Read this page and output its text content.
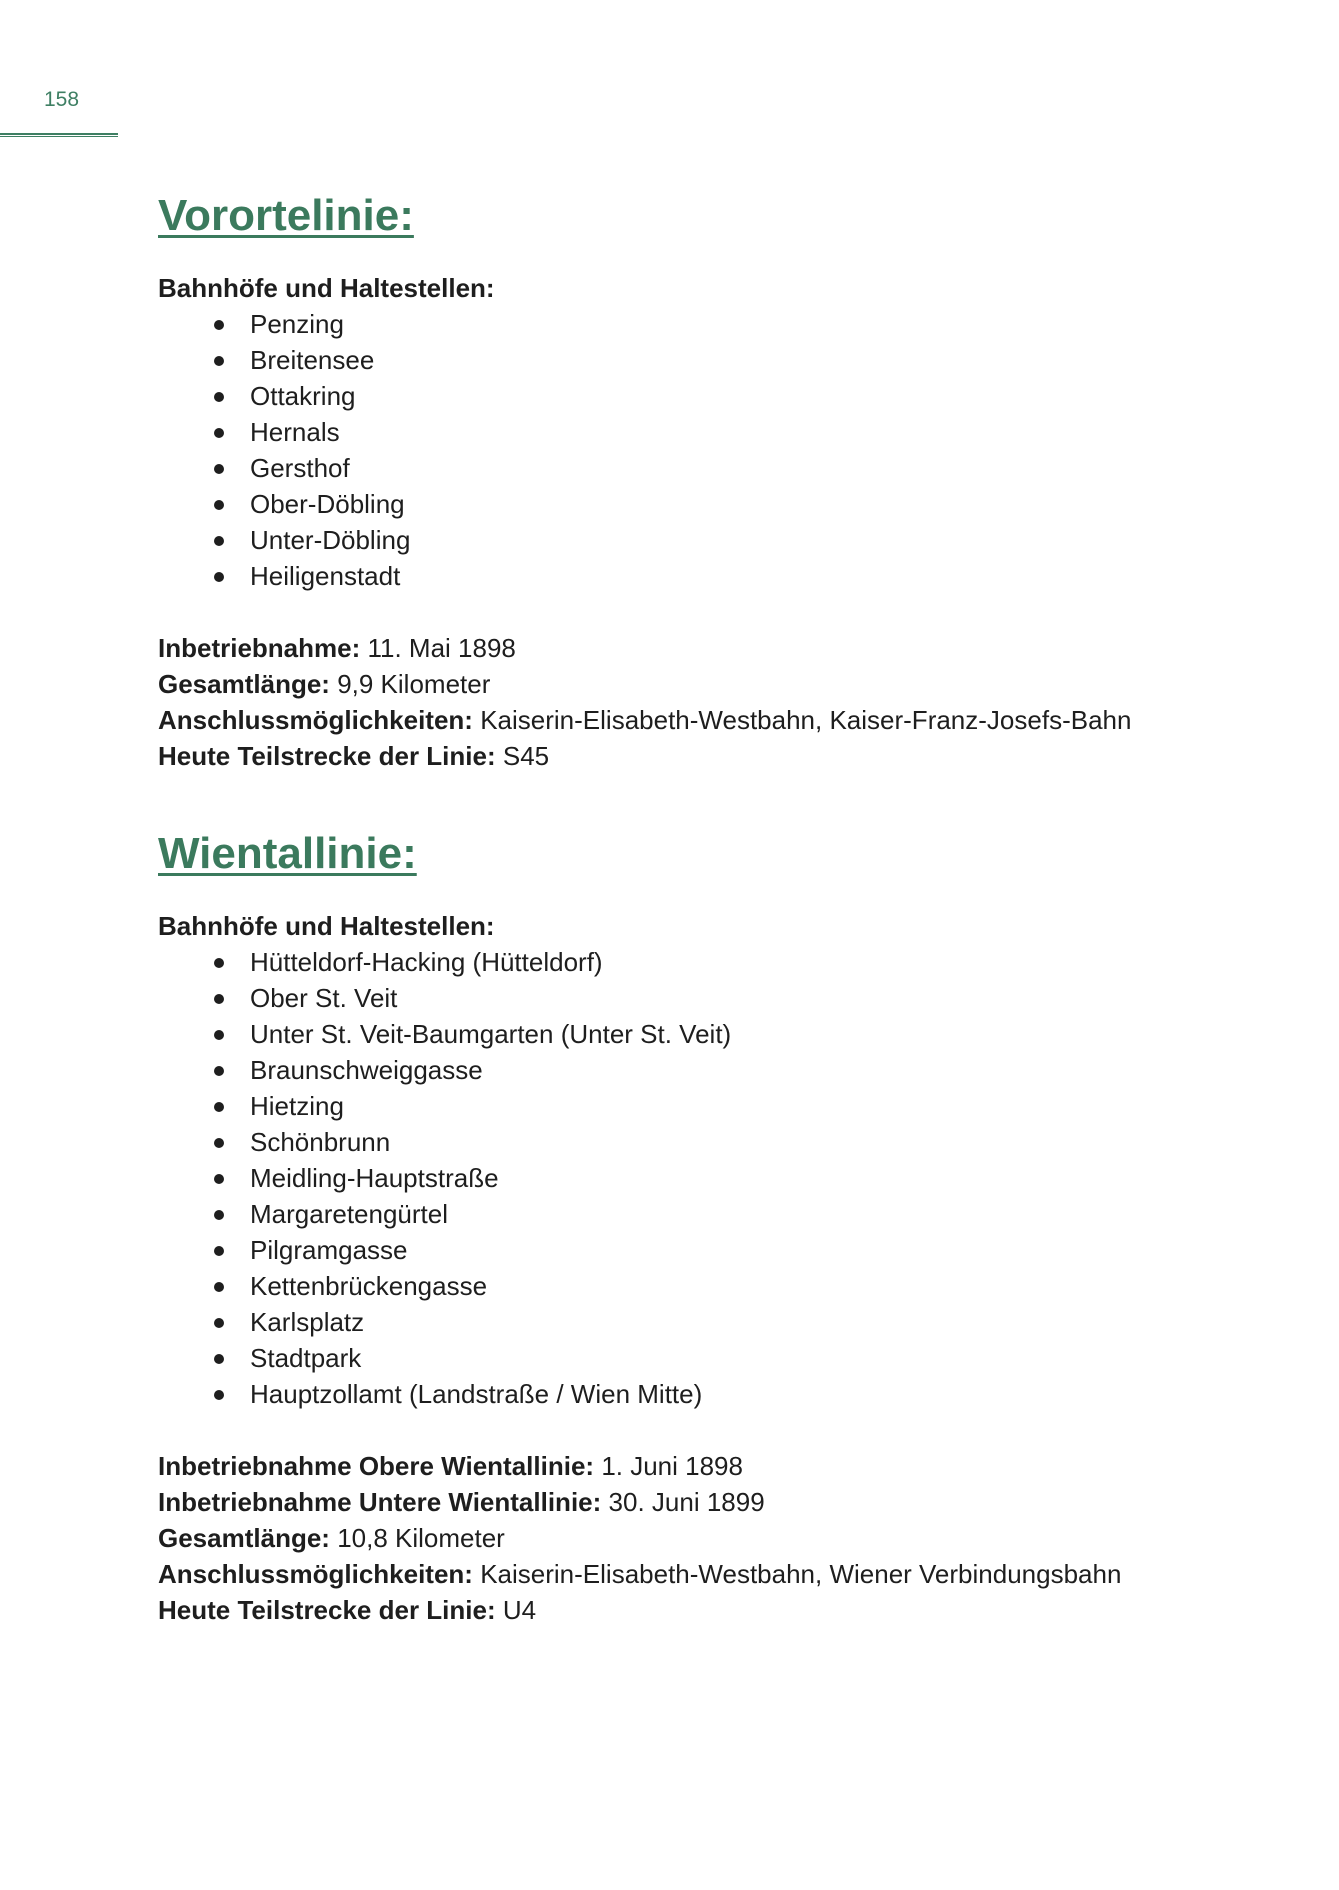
158
Vorortelinie:

Bahnhöfe und Haltestellen:

Penzing
Breitensee
Ottakring
Hernals
Gersthof
Ober-Döbling
Unter-Döbling
Heiligenstadt

Inbetriebnahme: 11. Mai 1898

Gesamtlänge: 9,9 Kilometer

Anschlussmöglichkeiten: Kaiserin-Elisabeth-Westbahn, Kaiser-Franz-Josefs-Bahn

Heute Teilstrecke der Linie: S45

Wientallinie:

Bahnhöfe und Haltestellen:

Hütteldorf-Hacking (Hütteldorf)
Ober St. Veit
Unter St. Veit-Baumgarten (Unter St. Veit)
Braunschweiggasse
Hietzing
Schönbrunn
Meidling-Hauptstraße
Margaretengürtel
Pilgramgasse
Kettenbrückengasse
Karlsplatz
Stadtpark
Hauptzollamt (Landstraße / Wien Mitte)

Inbetriebnahme Obere Wientallinie: 1. Juni 1898

Inbetriebnahme Untere Wientallinie: 30. Juni 1899

Gesamtlänge: 10,8 Kilometer

Anschlussmöglichkeiten: Kaiserin-Elisabeth-Westbahn, Wiener Verbindungsbahn

Heute Teilstrecke der Linie: U4
